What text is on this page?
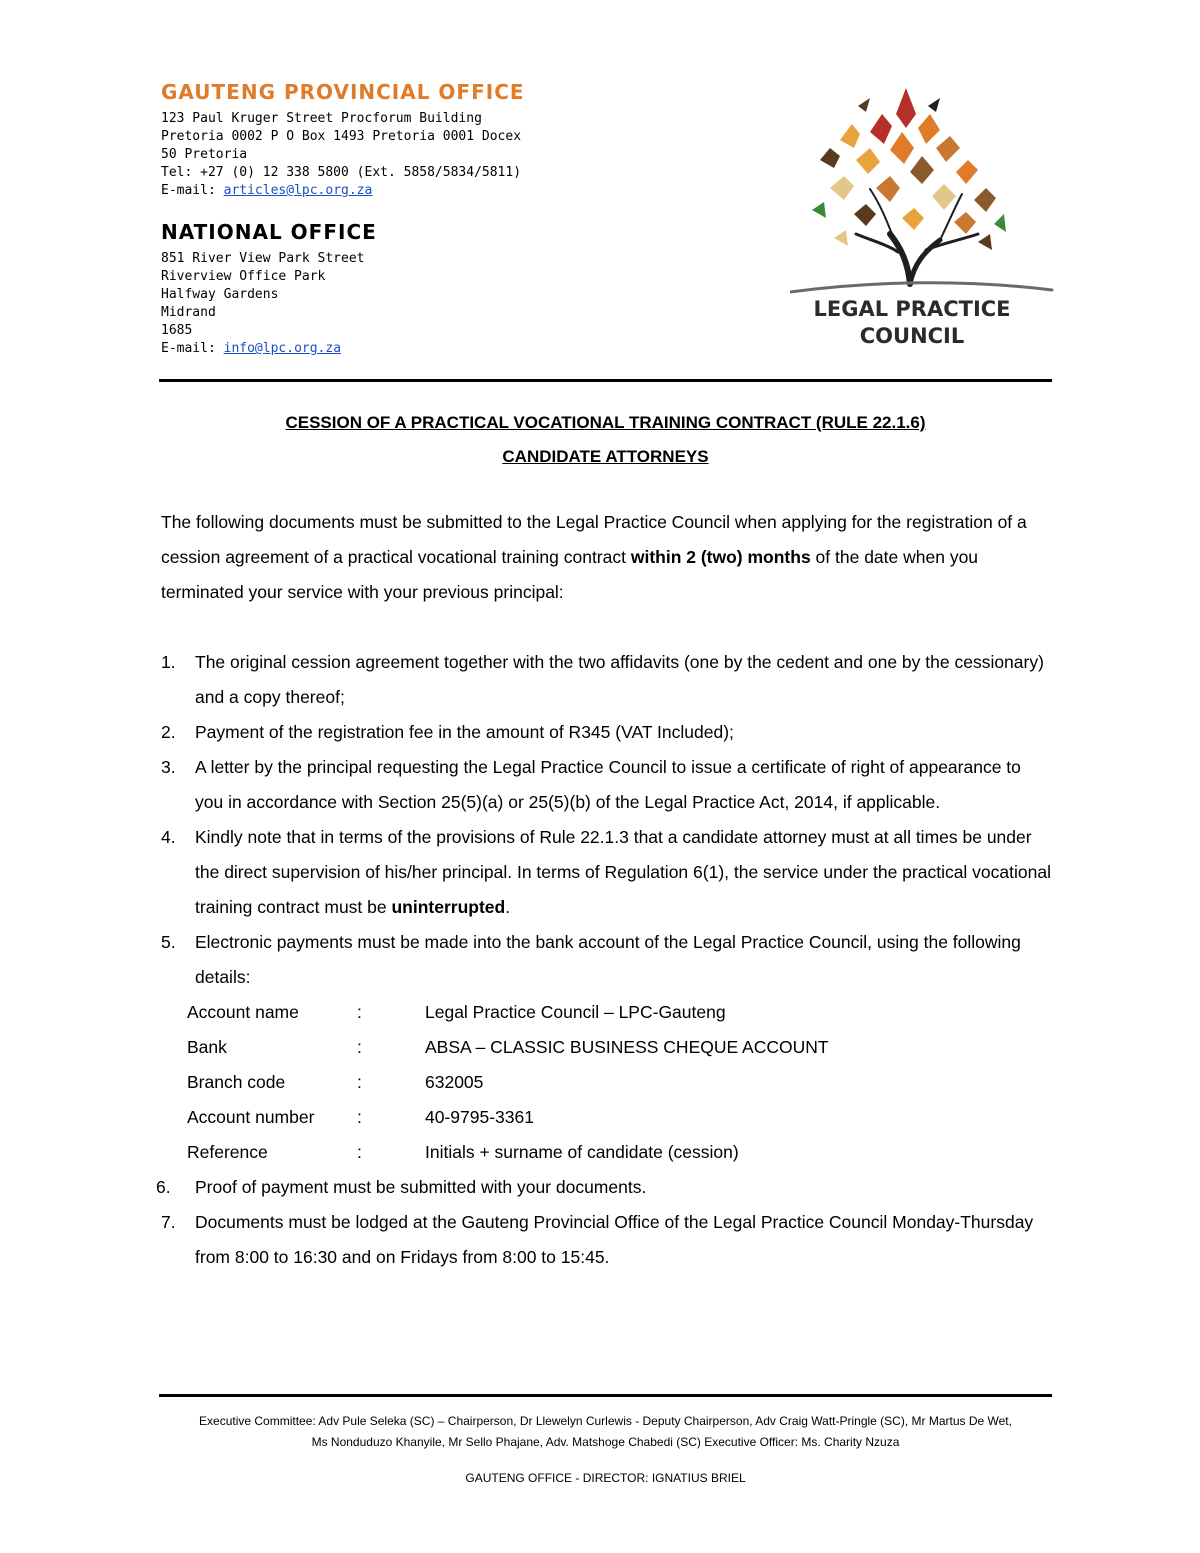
GAUTENG PROVINCIAL OFFICE

123 Paul Kruger Street Procforum Building

Pretoria 0002 P O Box 1493 Pretoria 0001 Docex

50 Pretoria

Tel: +27 (0) 12 338 5800 (Ext. 5858/5834/5811)

E-mail: articles@lpc.org.za

NATIONAL OFFICE

851 River View Park Street

Riverview Office Park

Halfway Gardens

Midrand

1685

E-mail: info@lpc.org.za

LEGAL PRACTICE
COUNCIL
CESSION OF A PRACTICAL VOCATIONAL TRAINING CONTRACT (RULE 22.1.6)
CANDIDATE ATTORNEYS

The following documents must be submitted to the Legal Practice Council when applying for the registration of a cession agreement of a practical vocational training contract within 2 (two) months of the date when you terminated your service with your previous principal:

1. The original cession agreement together with the two affidavits (one by the cedent and one by the cessionary) and a copy thereof;
2. Payment of the registration fee in the amount of R345 (VAT Included);
3. A letter by the principal requesting the Legal Practice Council to issue a certificate of right of appearance to you in accordance with Section 25(5)(a) or 25(5)(b) of the Legal Practice Act, 2014, if applicable.
4. Kindly note that in terms of the provisions of Rule 22.1.3 that a candidate attorney must at all times be under the direct supervision of his/her principal. In terms of Regulation 6(1), the service under the practical vocational training contract must be uninterrupted.
5. Electronic payments must be made into the bank account of the Legal Practice Council, using the following details:
Account name	:	Legal Practice Council – LPC-Gauteng
Bank	:	ABSA – CLASSIC BUSINESS CHEQUE ACCOUNT
Branch code	:	632005
Account number	:	40-9795-3361
Reference	:	Initials + surname of candidate (cession)
6. Proof of payment must be submitted with your documents.
7. Documents must be lodged at the Gauteng Provincial Office of the Legal Practice Council Monday-Thursday from 8:00 to 16:30 and on Fridays from 8:00 to 15:45.
Executive Committee: Adv Pule Seleka (SC) – Chairperson, Dr Llewelyn Curlewis - Deputy Chairperson, Adv Craig Watt-Pringle (SC), Mr Martus De Wet,
Ms Nonduduzo Khanyile, Mr Sello Phajane, Adv. Matshoge Chabedi (SC) Executive Officer: Ms. Charity Nzuza
GAUTENG OFFICE - DIRECTOR: IGNATIUS BRIEL
